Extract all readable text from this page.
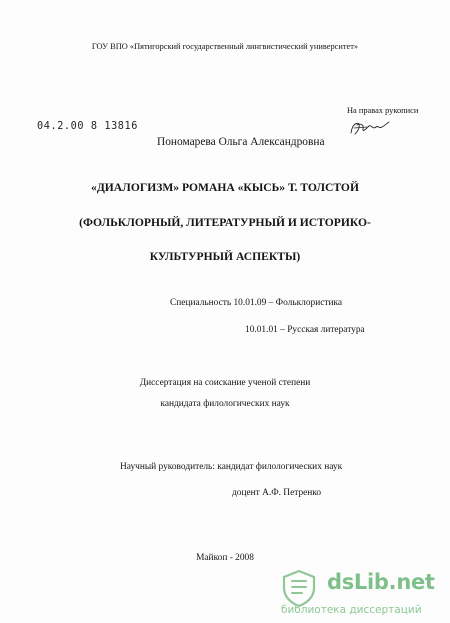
ГОУ ВПО «Пятигорский государственный лингвистический университет»
На правах рукописи
04.2.00 8 13816
Пономарева Ольга Александровна
«ДИАЛОГИЗМ» РОМАНА «КЫСЬ» Т. ТОЛСТОЙ
(ФОЛЬКЛОРНЫЙ, ЛИТЕРАТУРНЫЙ И ИСТОРИКО-
КУЛЬТУРНЫЙ АСПЕКТЫ)
Специальность 10.01.09 – Фольклористика
10.01.01 – Русская литература
Диссертация на соискание ученой степени
кандидата филологических наук
Научный руководитель: кандидат филологических наук
доцент А.Ф. Петренко
Майкоп - 2008
dsLib.net
библиотека диссертаций
